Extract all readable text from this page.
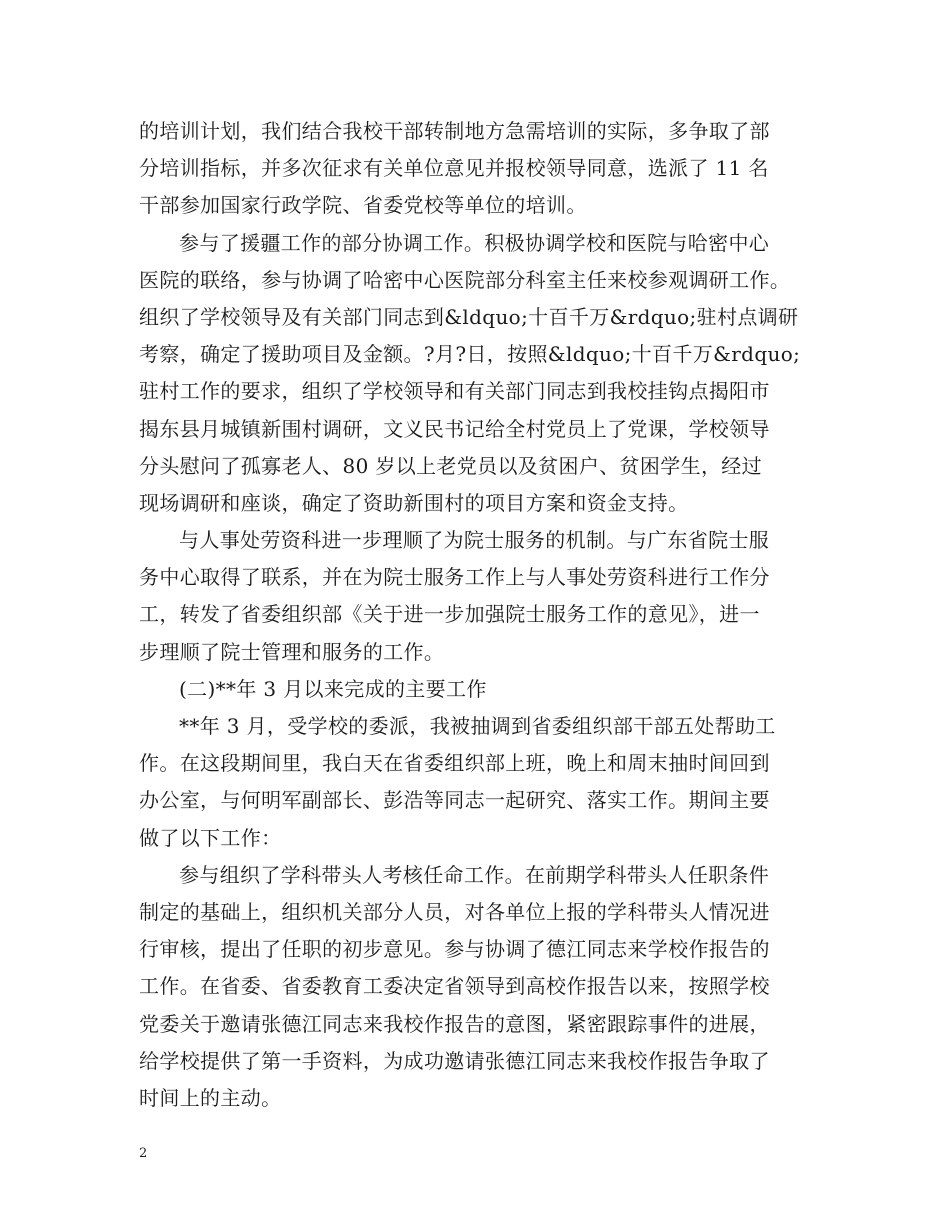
的培训计划，我们结合我校干部转制地方急需培训的实际，多争取了部
分培训指标，并多次征求有关单位意见并报校领导同意，选派了 11 名
干部参加国家行政学院、省委党校等单位的培训。
参与了援疆工作的部分协调工作。积极协调学校和医院与哈密中心
医院的联络，参与协调了哈密中心医院部分科室主任来校参观调研工作。
组织了学校领导及有关部门同志到&ldquo;十百千万&rdquo;驻村点调研
考察，确定了援助项目及金额。?月?日，按照&ldquo;十百千万&rdquo;
驻村工作的要求，组织了学校领导和有关部门同志到我校挂钩点揭阳市
揭东县月城镇新围村调研，文义民书记给全村党员上了党课，学校领导
分头慰问了孤寡老人、80 岁以上老党员以及贫困户、贫困学生，经过
现场调研和座谈，确定了资助新围村的项目方案和资金支持。
与人事处劳资科进一步理顺了为院士服务的机制。与广东省院士服
务中心取得了联系，并在为院士服务工作上与人事处劳资科进行工作分
工，转发了省委组织部《关于进一步加强院士服务工作的意见》，进一
步理顺了院士管理和服务的工作。
(二)**年 3 月以来完成的主要工作
**年 3 月，受学校的委派，我被抽调到省委组织部干部五处帮助工
作。在这段期间里，我白天在省委组织部上班，晚上和周末抽时间回到
办公室，与何明军副部长、彭浩等同志一起研究、落实工作。期间主要
做了以下工作：
参与组织了学科带头人考核任命工作。在前期学科带头人任职条件
制定的基础上，组织机关部分人员，对各单位上报的学科带头人情况进
行审核，提出了任职的初步意见。参与协调了德江同志来学校作报告的
工作。在省委、省委教育工委决定省领导到高校作报告以来，按照学校
党委关于邀请张德江同志来我校作报告的意图，紧密跟踪事件的进展，
给学校提供了第一手资料，为成功邀请张德江同志来我校作报告争取了
时间上的主动。
2
